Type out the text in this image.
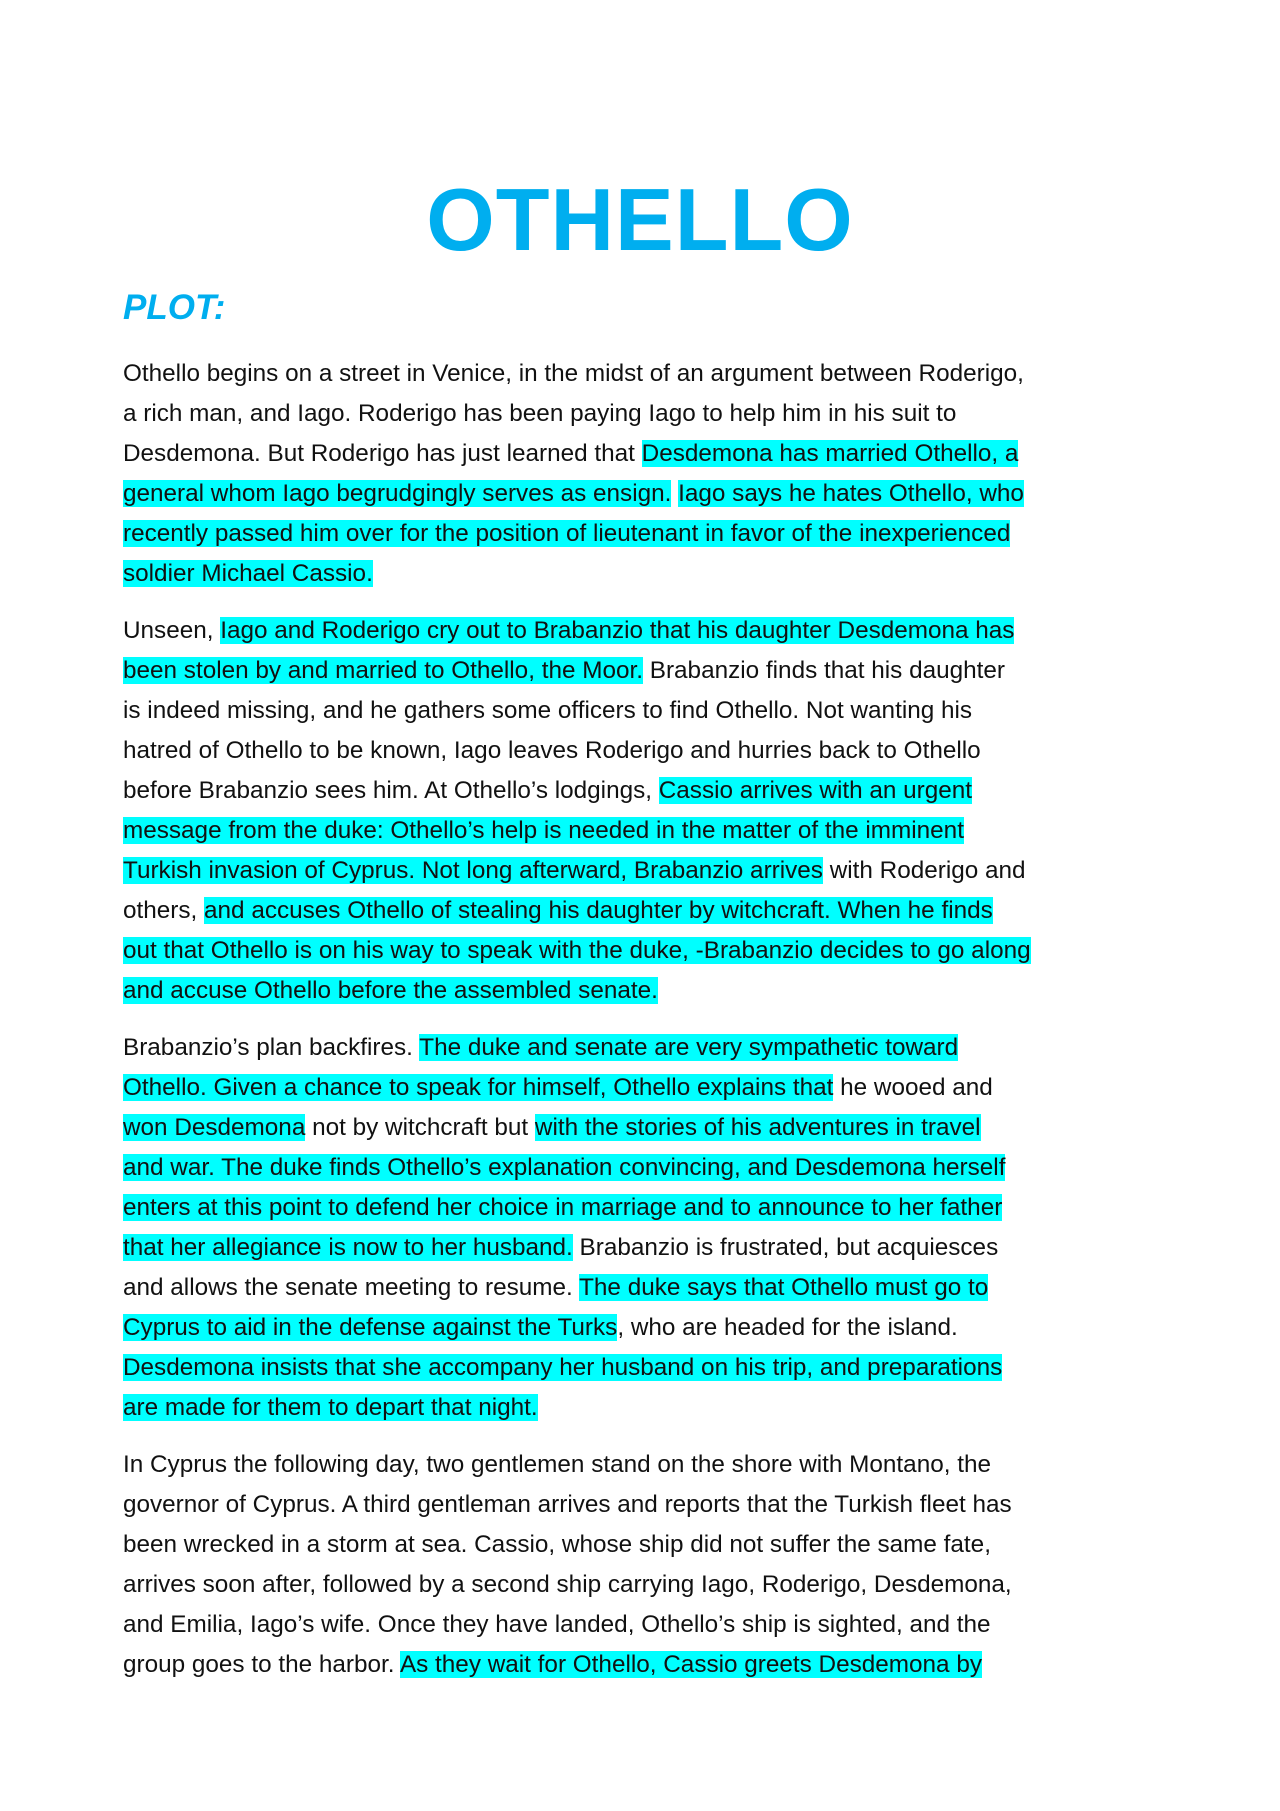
OTHELLO
PLOT:

Othello begins on a street in Venice, in the midst of an argument between Roderigo,
a rich man, and Iago. Roderigo has been paying Iago to help him in his suit to
Desdemona. But Roderigo has just learned that Desdemona has married Othello, a
general whom Iago begrudgingly serves as ensign. Iago says he hates Othello, who
recently passed him over for the position of lieutenant in favor of the inexperienced
soldier Michael Cassio.

Unseen, Iago and Roderigo cry out to Brabanzio that his daughter Desdemona has
been stolen by and married to Othello, the Moor. Brabanzio finds that his daughter
is indeed missing, and he gathers some officers to find Othello. Not wanting his
hatred of Othello to be known, Iago leaves Roderigo and hurries back to Othello
before Brabanzio sees him. At Othello’s lodgings, Cassio arrives with an urgent
message from the duke: Othello’s help is needed in the matter of the imminent
Turkish invasion of Cyprus. Not long afterward, Brabanzio arrives with Roderigo and
others, and accuses Othello of stealing his daughter by witchcraft. When he finds
out that Othello is on his way to speak with the duke, -Brabanzio decides to go along
and accuse Othello before the assembled senate.

Brabanzio’s plan backfires. The duke and senate are very sympathetic toward
Othello. Given a chance to speak for himself, Othello explains that he wooed and
won Desdemona not by witchcraft but with the stories of his adventures in travel
and war. The duke finds Othello’s explanation convincing, and Desdemona herself
enters at this point to defend her choice in marriage and to announce to her father
that her allegiance is now to her husband. Brabanzio is frustrated, but acquiesces
and allows the senate meeting to resume. The duke says that Othello must go to
Cyprus to aid in the defense against the Turks, who are headed for the island.
Desdemona insists that she accompany her husband on his trip, and preparations
are made for them to depart that night.

In Cyprus the following day, two gentlemen stand on the shore with Montano, the
governor of Cyprus. A third gentleman arrives and reports that the Turkish fleet has
been wrecked in a storm at sea. Cassio, whose ship did not suffer the same fate,
arrives soon after, followed by a second ship carrying Iago, Roderigo, Desdemona,
and Emilia, Iago’s wife. Once they have landed, Othello’s ship is sighted, and the
group goes to the harbor. As they wait for Othello, Cassio greets Desdemona by
